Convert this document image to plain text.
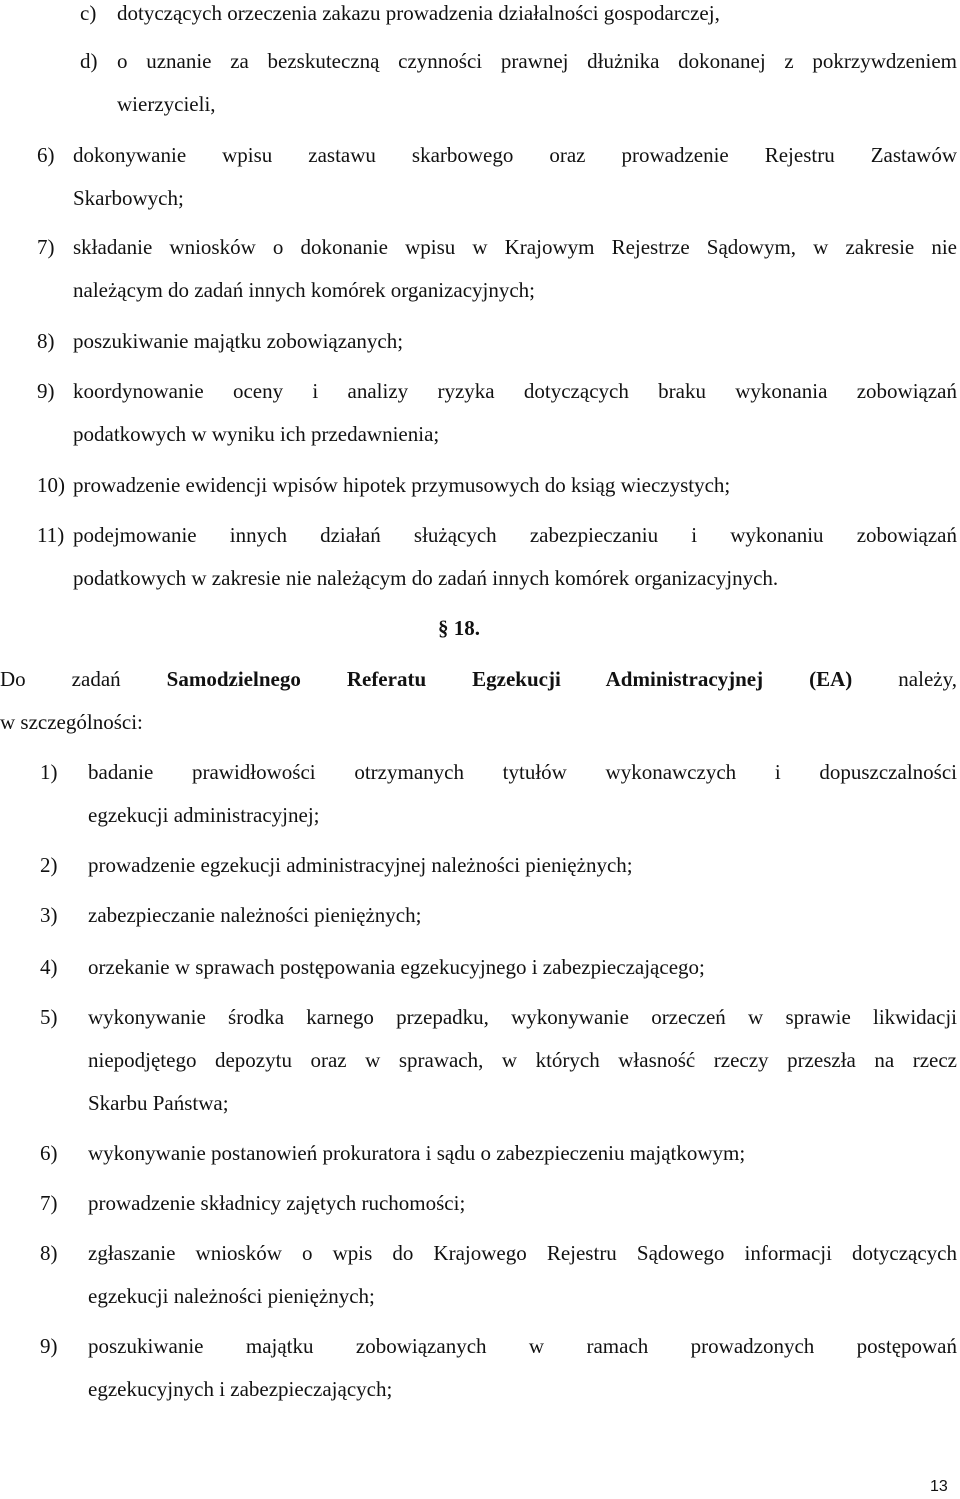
c) dotyczących orzeczenia zakazu prowadzenia działalności gospodarczej,
d) o uznanie za bezskuteczną czynności prawnej dłużnika dokonanej z pokrzywdzeniem
wierzycieli,
6) dokonywanie wpisu zastawu skarbowego oraz prowadzenie Rejestru Zastawów
Skarbowych;
7) składanie wniosków o dokonanie wpisu w Krajowym Rejestrze Sądowym, w zakresie nie
należącym do zadań innych komórek organizacyjnych;
8) poszukiwanie majątku zobowiązanych;
9) koordynowanie oceny i analizy ryzyka dotyczących braku wykonania zobowiązań
podatkowych w wyniku ich przedawnienia;
10) prowadzenie ewidencji wpisów hipotek przymusowych do ksiąg wieczystych;
11) podejmowanie innych działań służących zabezpieczaniu i wykonaniu zobowiązań
podatkowych w zakresie nie należącym do zadań innych komórek organizacyjnych.
§ 18.
Do zadań Samodzielnego Referatu Egzekucji Administracyjnej (EA) należy,
w szczególności:
1) badanie prawidłowości otrzymanych tytułów wykonawczych i dopuszczalności
egzekucji administracyjnej;
2) prowadzenie egzekucji administracyjnej należności pieniężnych;
3) zabezpieczanie należności pieniężnych;
4) orzekanie w sprawach postępowania egzekucyjnego i zabezpieczającego;
5) wykonywanie środka karnego przepadku, wykonywanie orzeczeń w sprawie likwidacji
niepodjętego depozytu oraz w sprawach, w których własność rzeczy przeszła na rzecz
Skarbu Państwa;
6) wykonywanie postanowień prokuratora i sądu o zabezpieczeniu majątkowym;
7) prowadzenie składnicy zajętych ruchomości;
8) zgłaszanie wniosków o wpis do Krajowego Rejestru Sądowego informacji dotyczących
egzekucji należności pieniężnych;
9) poszukiwanie majątku zobowiązanych w ramach prowadzonych postępowań
egzekucyjnych i zabezpieczających;
13
